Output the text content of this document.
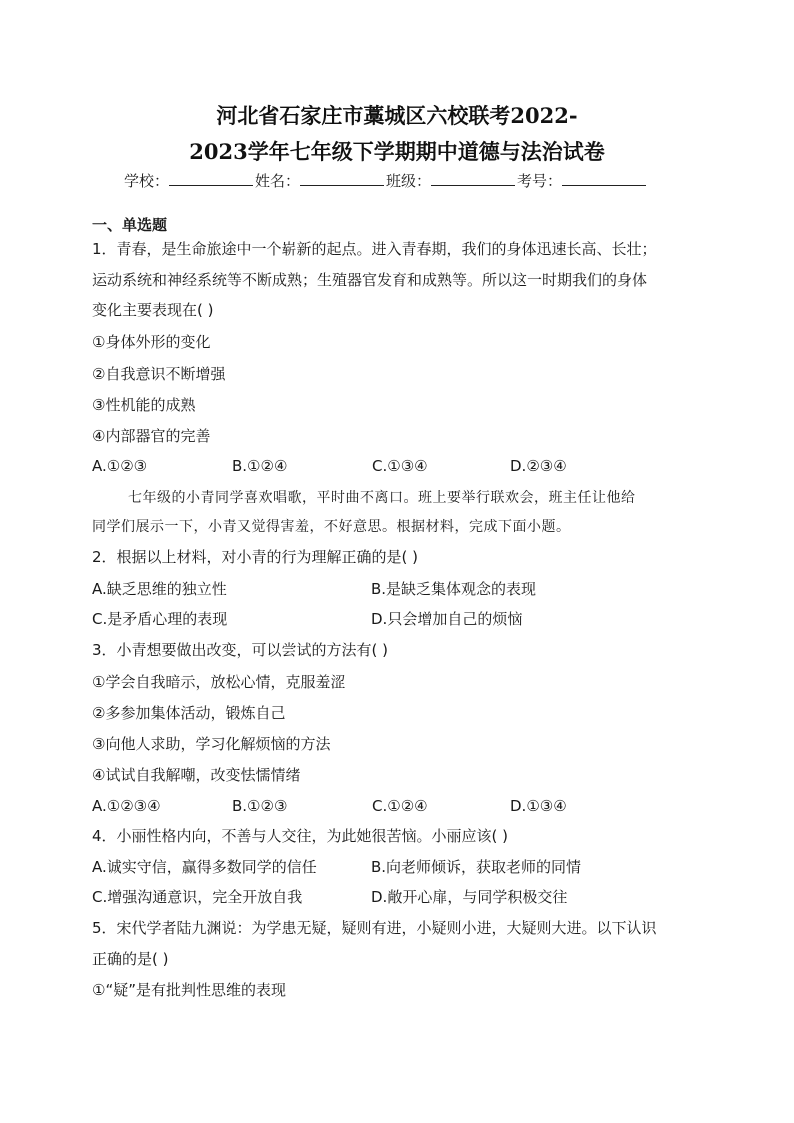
河北省石家庄市藁城区六校联考2022-
2023学年七年级下学期期中道德与法治试卷
学校：	姓名：	班级：	考号：
一、单选题
1．青春，是生命旅途中一个崭新的起点。进入青春期，我们的身体迅速长高、长壮；
运动系统和神经系统等不断成熟；生殖器官发育和成熟等。所以这一时期我们的身体
变化主要表现在( )
①身体外形的变化
②自我意识不断增强
③性机能的成熟
④内部器官的完善
A.①②③	B.①②④	C.①③④	D.②③④
七年级的小青同学喜欢唱歌，平时曲不离口。班上要举行联欢会，班主任让他给
同学们展示一下，小青又觉得害羞，不好意思。根据材料，完成下面小题。
2．根据以上材料，对小青的行为理解正确的是( )
A.缺乏思维的独立性	B.是缺乏集体观念的表现
C.是矛盾心理的表现	D.只会增加自己的烦恼
3．小青想要做出改变，可以尝试的方法有( )
①学会自我暗示，放松心情，克服羞涩
②多参加集体活动，锻炼自己
③向他人求助，学习化解烦恼的方法
④试试自我解嘲，改变怯懦情绪
A.①②③④	B.①②③	C.①②④	D.①③④
4．小丽性格内向，不善与人交往，为此她很苦恼。小丽应该( )
A.诚实守信，赢得多数同学的信任	B.向老师倾诉，获取老师的同情
C.增强沟通意识，完全开放自我	D.敞开心扉，与同学积极交往
5．宋代学者陆九渊说：为学患无疑，疑则有进，小疑则小进，大疑则大进。以下认识
正确的是( )
①“疑”是有批判性思维的表现
